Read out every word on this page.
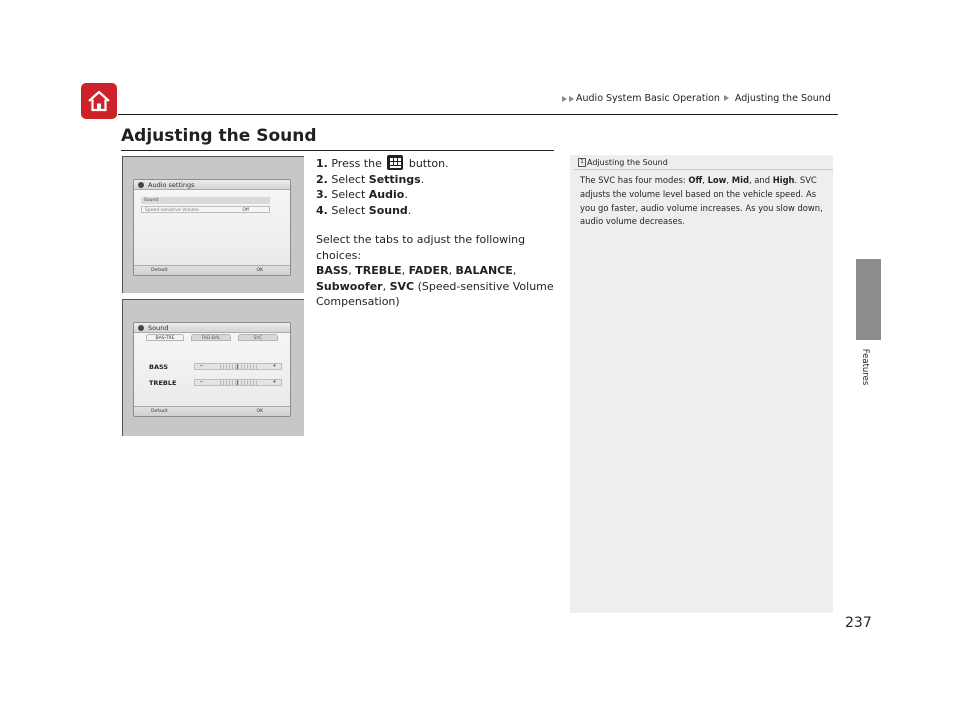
Audio System Basic Operation Adjusting the Sound
Adjusting the Sound
Features
Audio settings
Sound
Speed-sensitive Volume	Off
Default	OK
Sound
BAS-TRE	FAD-BAL	SVC
BASS	−	||||||▌||||||	+
TREBLE	−	||||||▌||||||	+
Default	OK
1. Press the button.
2. Select Settings.
3. Select Audio.
4. Select Sound.
Select the tabs to adjust the following choices:
BASS, TREBLE, FADER, BALANCE,
Subwoofer, SVC (Speed-sensitive Volume Compensation)
1 Adjusting the Sound
The SVC has four modes: Off, Low, Mid, and High. SVC adjusts the volume level based on the vehicle speed. As you go faster, audio volume increases. As you slow down, audio volume decreases.
237
